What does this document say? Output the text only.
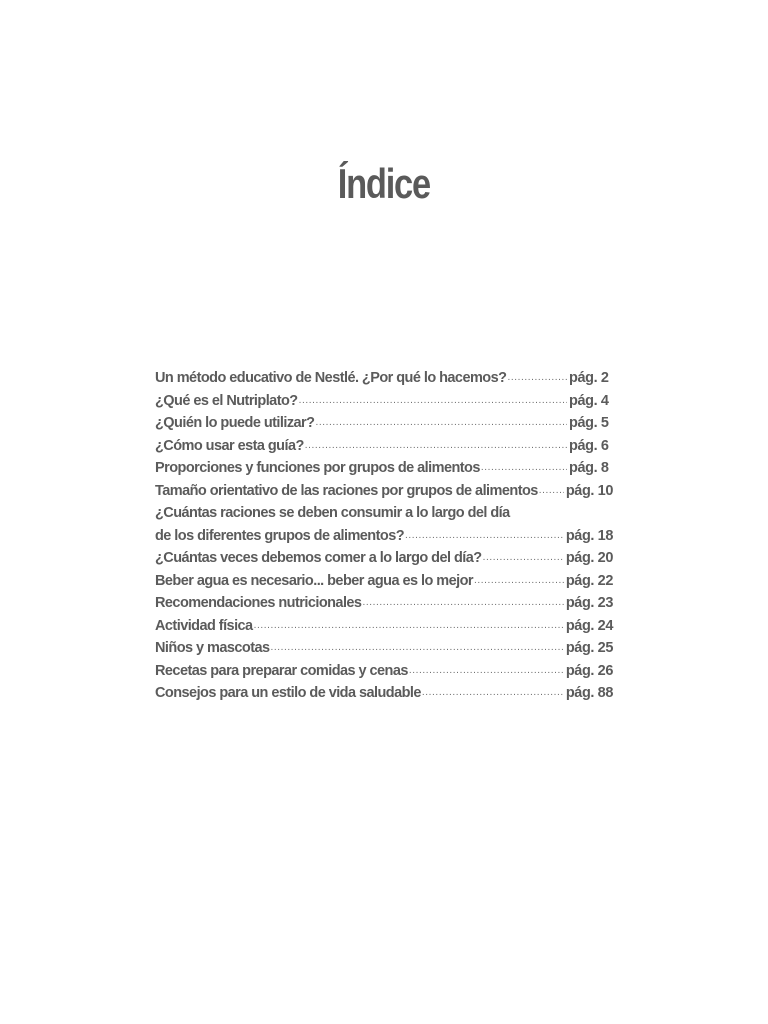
Índice
Un método educativo de Nestlé. ¿Por qué lo hacemos? .....	pág. 2
¿Qué es el Nutriplato? .....	pág. 4
¿Quién lo puede utilizar? .....	pág. 5
¿Cómo usar esta guía? .....	pág. 6
Proporciones y funciones por grupos de alimentos .....	pág. 8
Tamaño orientativo de las raciones por grupos de alimentos ..... pág. 10
¿Cuántas raciones se deben consumir a lo largo del día
de los diferentes grupos de alimentos? .....	pág. 18
¿Cuántas veces debemos comer a lo largo del día? .....	pág. 20
Beber agua es necesario... beber agua es lo mejor .....	pág. 22
Recomendaciones nutricionales .....	pág. 23
Actividad física .....	pág. 24
Niños y mascotas .....	pág. 25
Recetas para preparar comidas y cenas .....	pág. 26
Consejos para un estilo de vida saludable .....	pág. 88
